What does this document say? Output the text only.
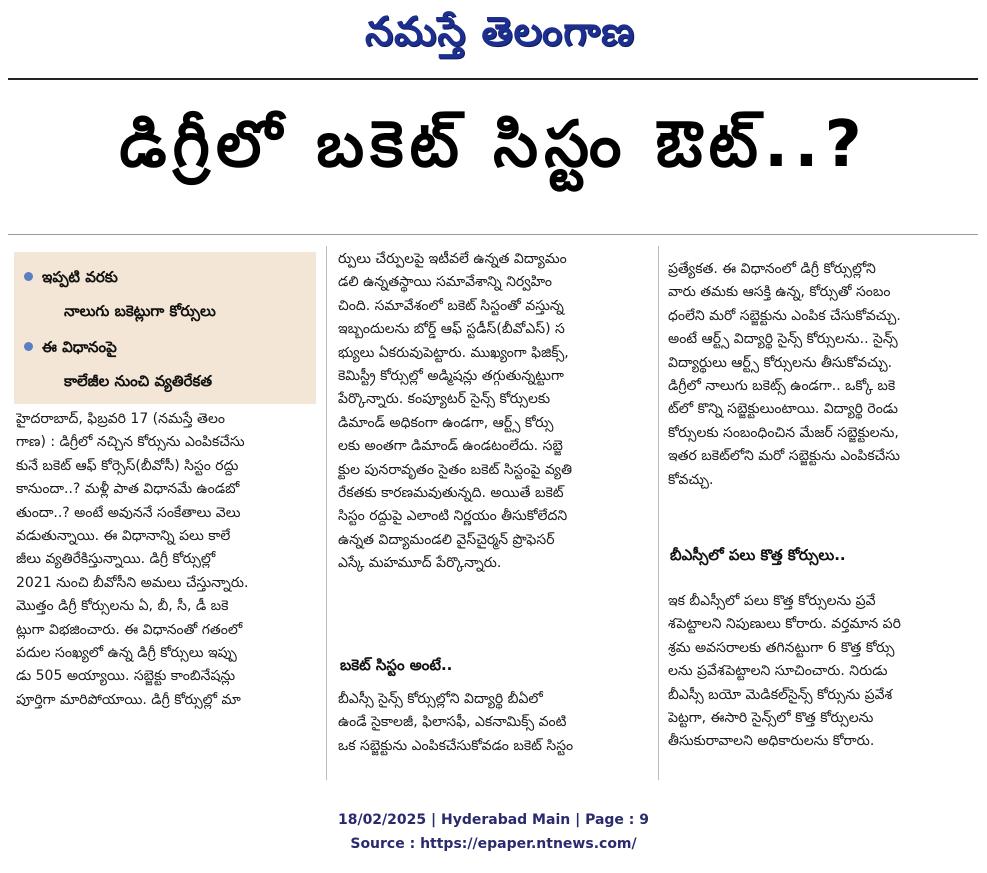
నమస్తే తెలంగాణ
డిగ్రీలో బకెట్ సిస్టం ఔట్..?
ఇప్పటి వరకు
నాలుగు బకెట్లుగా కోర్సులు
ఈ విధానంపై
కాలేజీల నుంచి వ్యతిరేకత
హైదరాబాద్, ఫిబ్రవరి 17 (నమస్తే తెలం
గాణ) : డిగ్రీలో నచ్చిన కోర్సును ఎంపికచేసు
కునే బకెట్ ఆఫ్ కోర్సెస్(బీవోసీ) సిస్టం రద్దు
కానుందా..? మళ్లీ పాత విధానమే ఉండబో
తుందా..? అంటే అవుననే సంకేతాలు వెలు
వడుతున్నాయి. ఈ విధానాన్ని పలు కాలే
జీలు వ్యతిరేకిస్తున్నాయి. డిగ్రీ కోర్సుల్లో
2021 నుంచి బీవోసీని అమలు చేస్తున్నారు.
మొత్తం డిగ్రీ కోర్సులను ఏ, బీ, సీ, డీ బకె
ట్లుగా విభజించారు. ఈ విధానంతో గతంలో
పదుల సంఖ్యలో ఉన్న డిగ్రీ కోర్సులు ఇప్పు
డు 505 అయ్యాయి. సబ్జెక్టు కాంబినేషన్లు
పూర్తిగా మారిపోయాయి. డిగ్రీ కోర్సుల్లో మా
ర్పులు చేర్పులపై ఇటీవలే ఉన్నత విద్యామం
డలి ఉన్నతస్థాయి సమావేశాన్ని నిర్వహిం
చింది. సమావేశంలో బకెట్ సిస్టంతో వస్తున్న
ఇబ్బందులను బోర్డ్ ఆఫ్ స్టడీస్(బీవోఎస్) స
భ్యులు ఏకరువుపెట్టారు. ముఖ్యంగా ఫిజిక్స్,
కెమిస్ట్రీ కోర్సుల్లో అడ్మిషన్లు తగ్గుతున్నట్టుగా
పేర్కొన్నారు. కంప్యూటర్ సైన్స్ కోర్సులకు
డిమాండ్ అధికంగా ఉండగా, ఆర్ట్స్ కోర్సు
లకు అంతగా డిమాండ్ ఉండటంలేదు. సబ్జె
క్టుల పునరావృతం సైతం బకెట్ సిస్టంపై వ్యతి
రేకతకు కారణమవుతున్నది. అయితే బకెట్
సిస్టం రద్దుపై ఎలాంటి నిర్ణయం తీసుకోలేదని
ఉన్నత విద్యామండలి వైస్‌చైర్మన్ ప్రొఫెసర్
ఎస్కే మహమూద్ పేర్కొన్నారు.
బకెట్ సిస్టం అంటే..
బీఎస్సీ సైన్స్ కోర్సుల్లోని విద్యార్థి బీఏలో
ఉండే సైకాలజీ, ఫిలాసఫీ, ఎకనామిక్స్ వంటి
ఒక సబ్జెక్టును ఎంపికచేసుకోవడం బకెట్ సిస్టం
ప్రత్యేకత. ఈ విధానంలో డిగ్రీ కోర్సుల్లోని
వారు తమకు ఆసక్తి ఉన్న, కోర్సుతో సంబం
ధంలేని మరో సబ్జెక్టును ఎంపిక చేసుకోవచ్చు.
అంటే ఆర్ట్స్ విద్యార్థి సైన్స్ కోర్సులను.. సైన్స్
విద్యార్థులు ఆర్ట్స్ కోర్సులను తీసుకోవచ్చు.
డిగ్రీలో నాలుగు బకెట్స్ ఉండగా.. ఒక్కో బకె
ట్‌లో కొన్ని సబ్జెక్టులుంటాయి. విద్యార్థి రెండు
కోర్సులకు సంబంధించిన మేజర్ సబ్జెక్టులను,
ఇతర బకెట్‌లోని మరో సబ్జెక్టును ఎంపికచేసు
కోవచ్చు.
బీఎస్సీలో పలు కొత్త కోర్సులు..
ఇక బీఎస్సీలో పలు కొత్త కోర్సులను ప్రవే
శపెట్టాలని నిపుణులు కోరారు. వర్తమాన పరి
శ్రమ అవసరాలకు తగినట్టుగా 6 కొత్త కోర్సు
లను ప్రవేశపెట్టాలని సూచించారు. నిరుడు
బీఎస్సీ బయో మెడికల్‌సైన్స్ కోర్సును ప్రవేశ
పెట్టగా, ఈసారి సైన్స్‌లో కొత్త కోర్సులను
తీసుకురావాలని అధికారులను కోరారు.
18/02/2025 | Hyderabad Main | Page : 9
Source : https://epaper.ntnews.com/
